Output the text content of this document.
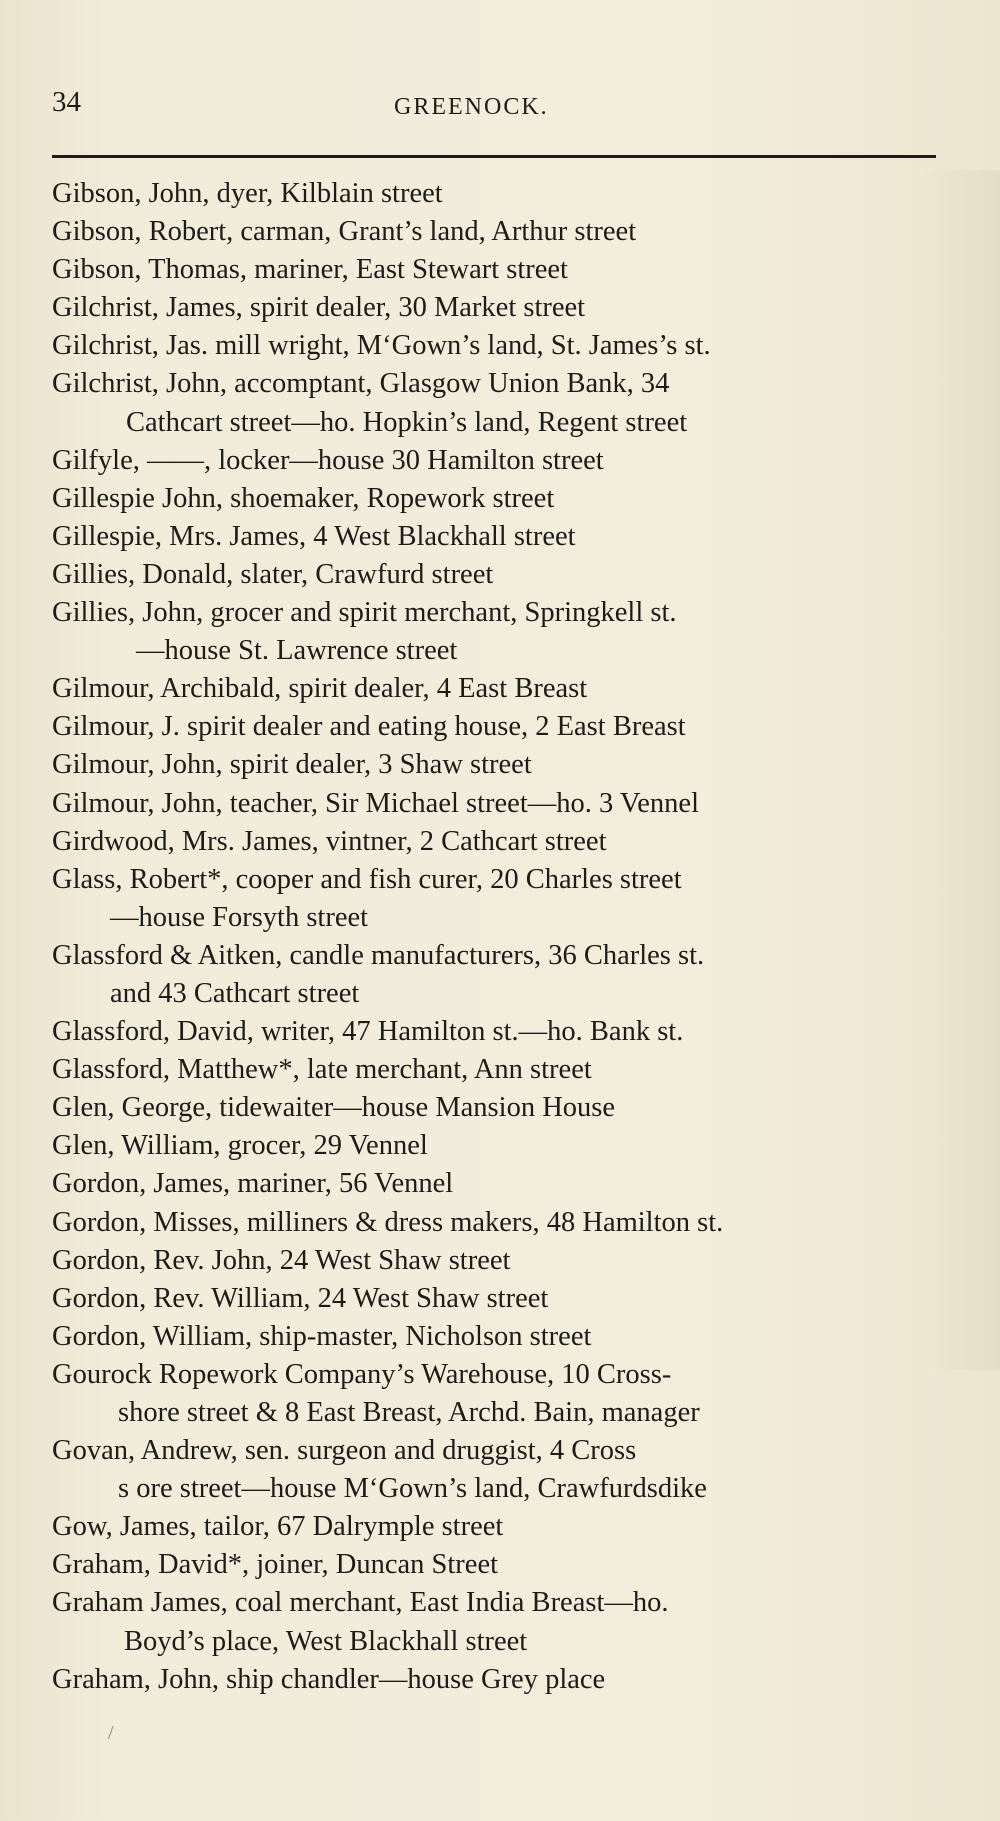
34	GREENOCK.
Gibson, John, dyer, Kilblain street
Gibson, Robert, carman, Grant’s land, Arthur street
Gibson, Thomas, mariner, East Stewart street
Gilchrist, James, spirit dealer, 30 Market street
Gilchrist, Jas. mill wright, M‘Gown’s land, St. James’s st.
Gilchrist, John, accomptant, Glasgow Union Bank, 34
Cathcart street—ho. Hopkin’s land, Regent street
Gilfyle, ——, locker—house 30 Hamilton street
Gillespie John, shoemaker, Ropework street
Gillespie, Mrs. James, 4 West Blackhall street
Gillies, Donald, slater, Crawfurd street
Gillies, John, grocer and spirit merchant, Springkell st.
—house St. Lawrence street
Gilmour, Archibald, spirit dealer, 4 East Breast
Gilmour, J. spirit dealer and eating house, 2 East Breast
Gilmour, John, spirit dealer, 3 Shaw street
Gilmour, John, teacher, Sir Michael street—ho. 3 Vennel
Girdwood, Mrs. James, vintner, 2 Cathcart street
Glass, Robert*, cooper and fish curer, 20 Charles street
—house Forsyth street
Glassford & Aitken, candle manufacturers, 36 Charles st.
and 43 Cathcart street
Glassford, David, writer, 47 Hamilton st.—ho. Bank st.
Glassford, Matthew*, late merchant, Ann street
Glen, George, tidewaiter—house Mansion House
Glen, William, grocer, 29 Vennel
Gordon, James, mariner, 56 Vennel
Gordon, Misses, milliners & dress makers, 48 Hamilton st.
Gordon, Rev. John, 24 West Shaw street
Gordon, Rev. William, 24 West Shaw street
Gordon, William, ship-master, Nicholson street
Gourock Ropework Company’s Warehouse, 10 Cross-
shore street & 8 East Breast, Archd. Bain, manager
Govan, Andrew, sen. surgeon and druggist, 4 Cross
s ore street—house M‘Gown’s land, Crawfurdsdike
Gow, James, tailor, 67 Dalrymple street
Graham, David*, joiner, Duncan Street
Graham James, coal merchant, East India Breast—ho.
Boyd’s place, West Blackhall street
Graham, John, ship chandler—house Grey place
/
